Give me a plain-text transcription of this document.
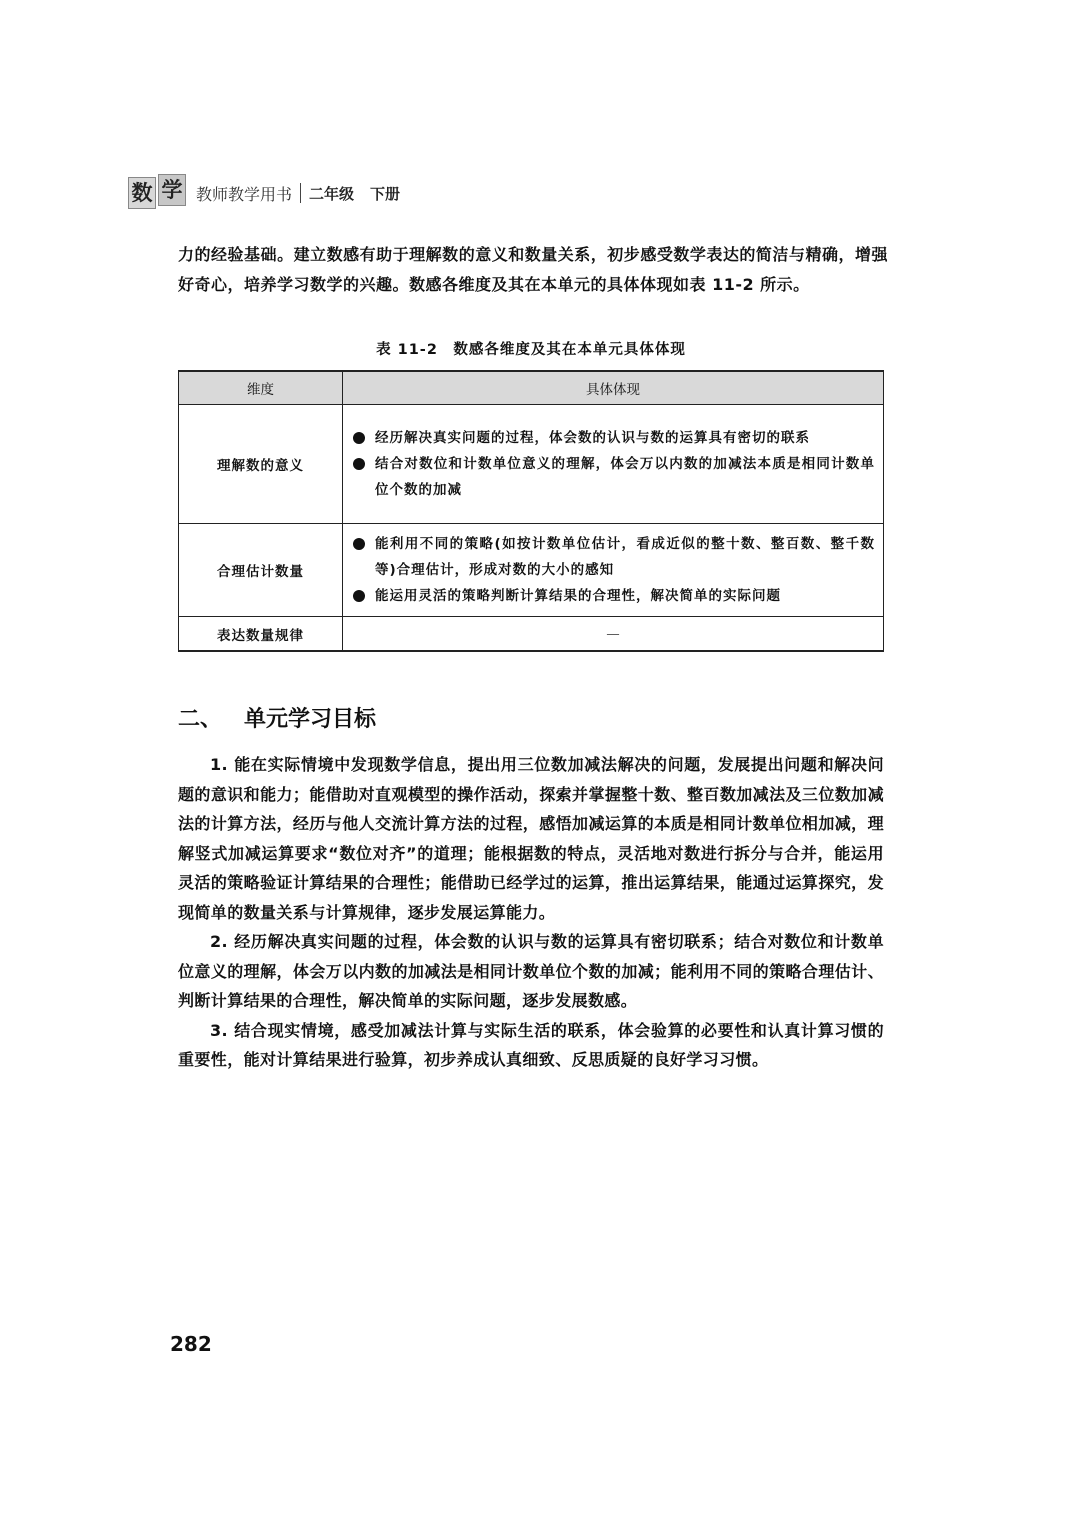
数 学 教师教学用书 二年级 下册

力的经验基础。建立数感有助于理解数的意义和数量关系，初步感受数学表达的简洁与精确，增强好奇心，培养学习数学的兴趣。数感各维度及其在本单元的具体体现如表 11-2 所示。

表 11-2　数感各维度及其在本单元具体体现
维度	具体体现
理解数的意义	经历解决真实问题的过程，体会数的认识与数的运算具有密切的联系
结合对数位和计数单位意义的理解，体会万以内数的加减法本质是相同计数单位个数的加减

合理估计数量	能利用不同的策略(如按计数单位估计，看成近似的整十数、整百数、整千数等)合理估计，形成对数的大小的感知
能运用灵活的策略判断计算结果的合理性，解决简单的实际问题

表达数量规律	—
二、 单元学习目标

1. 能在实际情境中发现数学信息，提出用三位数加减法解决的问题，发展提出问题和解决问题的意识和能力；能借助对直观模型的操作活动，探索并掌握整十数、整百数加减法及三位数加减法的计算方法，经历与他人交流计算方法的过程，感悟加减运算的本质是相同计数单位相加减，理解竖式加减运算要求“数位对齐”的道理；能根据数的特点，灵活地对数进行拆分与合并，能运用灵活的策略验证计算结果的合理性；能借助已经学过的运算，推出运算结果，能通过运算探究，发现简单的数量关系与计算规律，逐步发展运算能力。

2. 经历解决真实问题的过程，体会数的认识与数的运算具有密切联系；结合对数位和计数单位意义的理解，体会万以内数的加减法是相同计数单位个数的加减；能利用不同的策略合理估计、判断计算结果的合理性，解决简单的实际问题，逐步发展数感。

3. 结合现实情境，感受加减法计算与实际生活的联系，体会验算的必要性和认真计算习惯的重要性，能对计算结果进行验算，初步养成认真细致、反思质疑的良好学习习惯。

282
